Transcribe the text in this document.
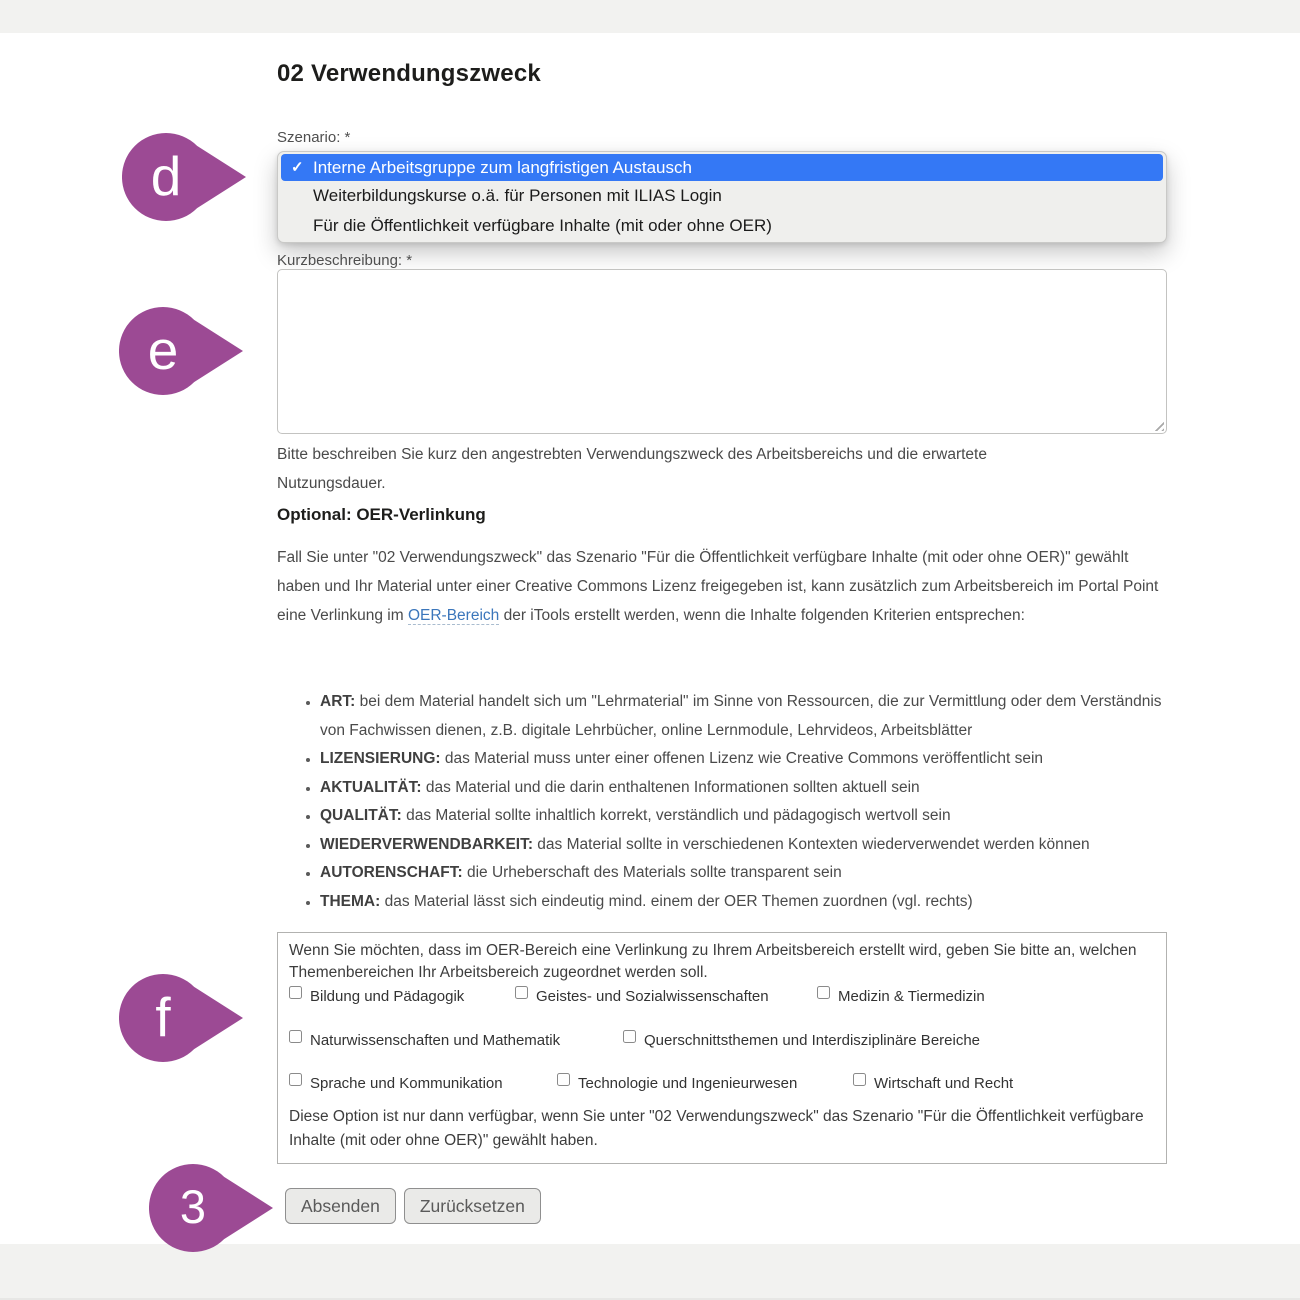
02 Verwendungszweck
Szenario: *
✓ Interne Arbeitsgruppe zum langfristigen Austausch
Weiterbildungskurse o.ä. für Personen mit ILIAS Login
Für die Öffentlichkeit verfügbare Inhalte (mit oder ohne OER)
Kurzbeschreibung: *
Bitte beschreiben Sie kurz den angestrebten Verwendungszweck des Arbeitsbereichs und die erwartete Nutzungsdauer.
Optional: OER-Verlinkung

Fall Sie unter "02 Verwendungszweck" das Szenario "Für die Öffentlichkeit verfügbare Inhalte (mit oder ohne OER)" gewählt haben und Ihr Material unter einer Creative Commons Lizenz freigegeben ist, kann zusätzlich zum Arbeitsbereich im Portal Point eine Verlinkung im OER-Bereich der iTools erstellt werden, wenn die Inhalte folgenden Kriterien entsprechen:

• ART: bei dem Material handelt sich um "Lehrmaterial" im Sinne von Ressourcen, die zur Vermittlung oder dem Verständnis von Fachwissen dienen, z.B. digitale Lehrbücher, online Lernmodule, Lehrvideos, Arbeitsblätter
• LIZENSIERUNG: das Material muss unter einer offenen Lizenz wie Creative Commons veröffentlicht sein
• AKTUALITÄT: das Material und die darin enthaltenen Informationen sollten aktuell sein
• QUALITÄT: das Material sollte inhaltlich korrekt, verständlich und pädagogisch wertvoll sein
• WIEDERVERWENDBARKEIT: das Material sollte in verschiedenen Kontexten wiederverwendet werden können
• AUTORENSCHAFT: die Urheberschaft des Materials sollte transparent sein
• THEMA: das Material lässt sich eindeutig mind. einem der OER Themen zuordnen (vgl. rechts)
Wenn Sie möchten, dass im OER-Bereich eine Verlinkung zu Ihrem Arbeitsbereich erstellt wird, geben Sie bitte an, welchen Themenbereichen Ihr Arbeitsbereich zugeordnet werden soll.
Bildung und Pädagogik	Geistes- und Sozialwissenschaften	Medizin & Tiermedizin
Naturwissenschaften und Mathematik	Querschnittsthemen und Interdisziplinäre Bereiche
Sprache und Kommunikation	Technologie und Ingenieurwesen	Wirtschaft und Recht
Diese Option ist nur dann verfügbar, wenn Sie unter "02 Verwendungszweck" das Szenario "Für die Öffentlichkeit verfügbare Inhalte (mit oder ohne OER)" gewählt haben.
Absenden	Zurücksetzen
d
e
f
3
